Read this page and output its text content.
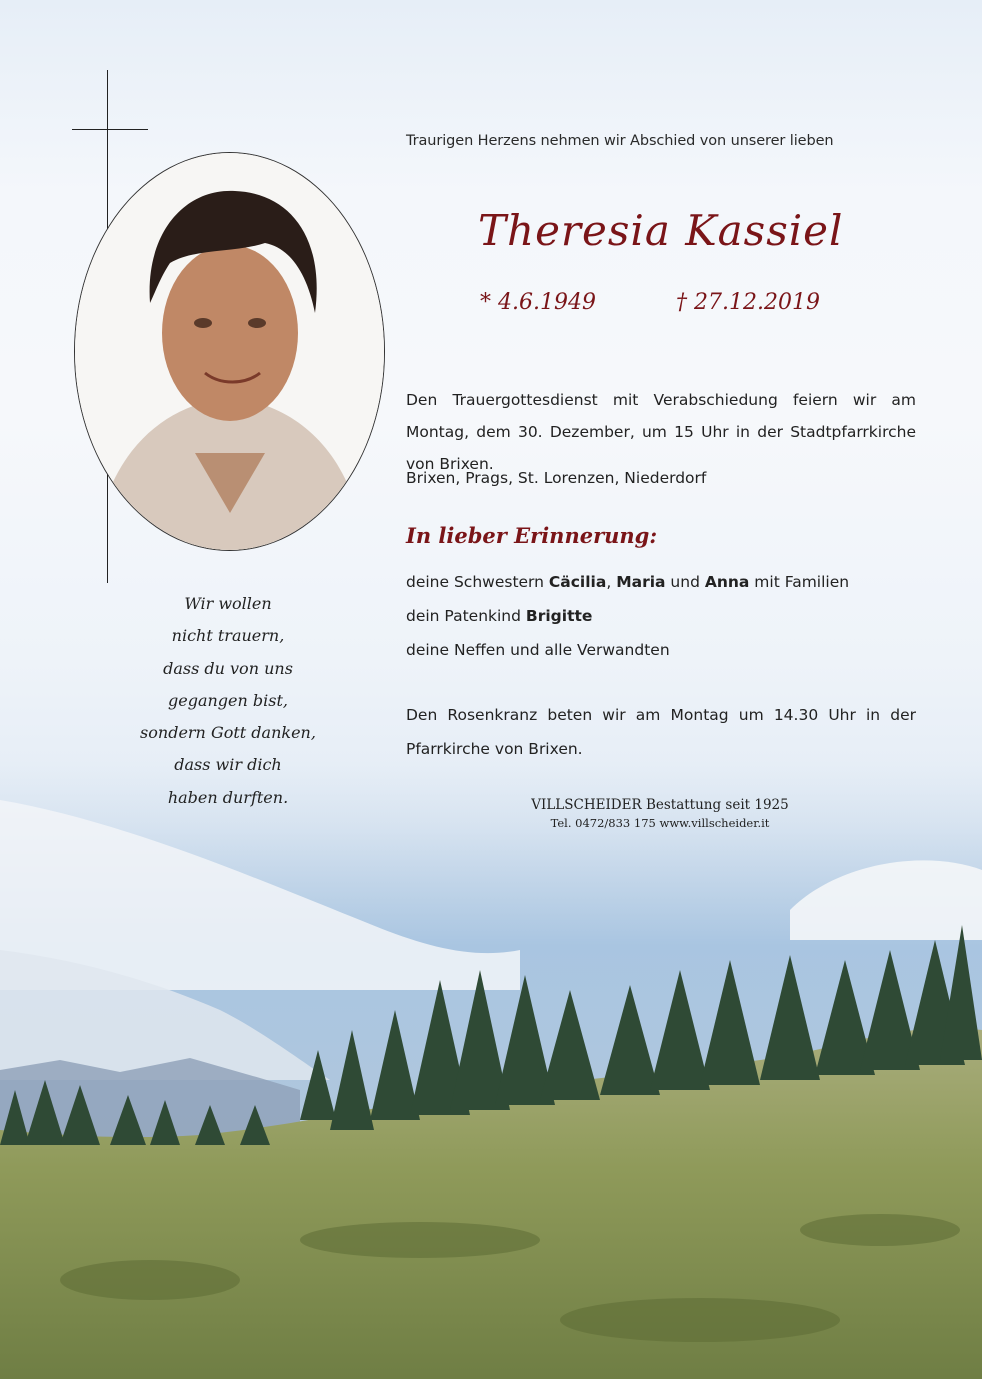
Traurigen Herzens nehmen wir Abschied von unserer lieben
Theresia Kassiel
* 4.6.1949	† 27.12.2019
Den Trauergottesdienst mit Verabschiedung feiern wir am Montag, dem 30. Dezember, um 15 Uhr in der Stadtpfarrkirche von Brixen.
Brixen, Prags, St. Lorenzen, Niederdorf
In lieber Erinnerung:
deine Schwestern Cäcilia, Maria und Anna mit Familien
dein Patenkind Brigitte
deine Neffen und alle Verwandten
Den Rosenkranz beten wir am Montag um 14.30 Uhr in der
Pfarrkirche von Brixen.
Wir wollen
nicht trauern,
dass du von uns
gegangen bist,
sondern Gott danken,
dass wir dich
haben durften.	VILLSCHEIDER Bestattung seit 1925
Tel. 0472/833 175 www.villscheider.it
